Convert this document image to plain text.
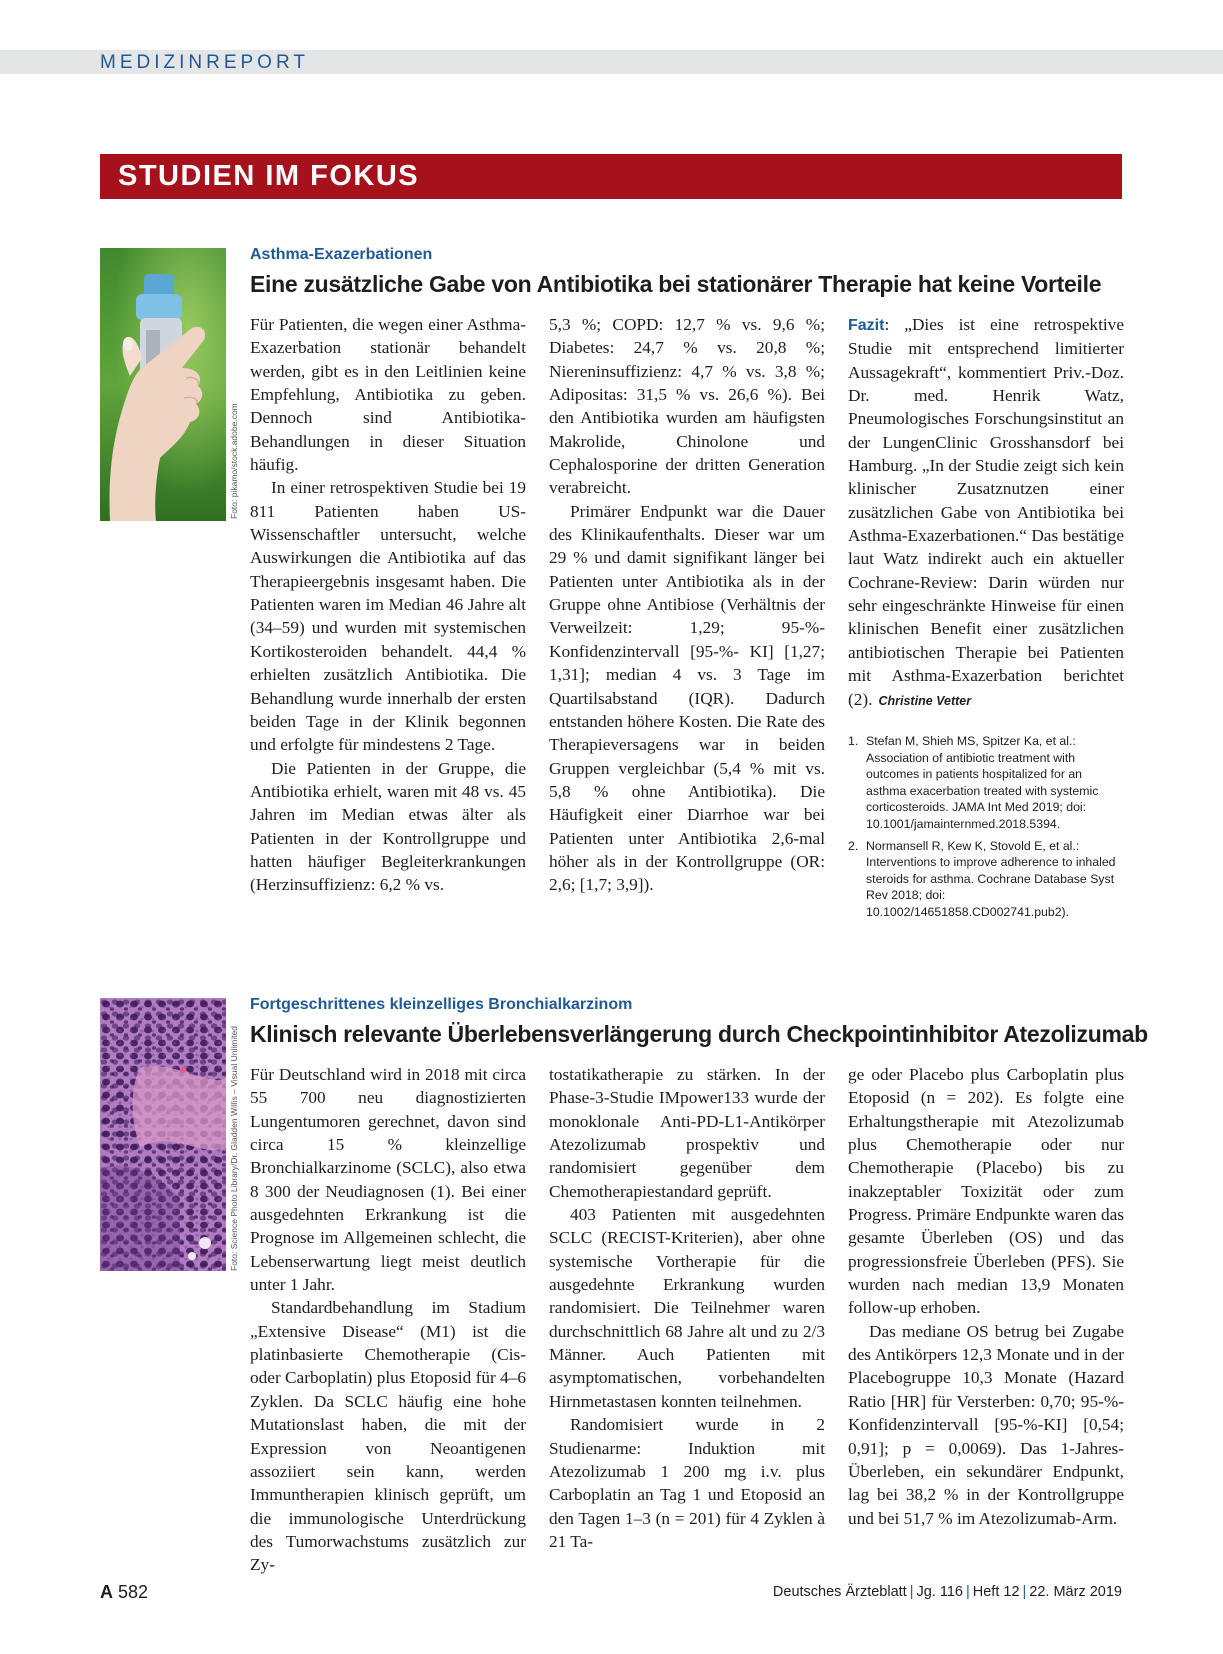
MEDIZINREPORT
STUDIEN IM FOKUS
Foto: pikamo/stock.adobe.com
Asthma-Exazerbationen
Eine zusätzliche Gabe von Antibiotika bei stationärer Therapie hat keine Vorteile

Für Patienten, die wegen einer Asthma-Exazerbation stationär behandelt werden, gibt es in den Leitlinien keine Empfehlung, Antibiotika zu geben. Dennoch sind Antibiotika-Behandlungen in dieser Situation häufig.

In einer retrospektiven Studie bei 19 811 Patienten haben US-Wissenschaftler untersucht, welche Auswirkungen die Antibiotika auf das Therapieergebnis insgesamt haben. Die Patienten waren im Median 46 Jahre alt (34–59) und wurden mit systemischen Kortikosteroiden behandelt. 44,4 % erhielten zusätzlich Antibiotika. Die Behandlung wurde innerhalb der ersten beiden Tage in der Klinik begonnen und erfolgte für mindestens 2 Tage.

Die Patienten in der Gruppe, die Antibiotika erhielt, waren mit 48 vs. 45 Jahren im Median etwas älter als Patienten in der Kontrollgruppe und hatten häufiger Begleiterkrankungen (Herzinsuffizienz: 6,2 % vs.

5,3 %; COPD: 12,7 % vs. 9,6 %; Diabetes: 24,7 % vs. 20,8 %; Niereninsuffizienz: 4,7 % vs. 3,8 %; Adipositas: 31,5 % vs. 26,6 %). Bei den Antibiotika wurden am häufigsten Makrolide, Chinolone und Cephalosporine der dritten Generation verabreicht.

Primärer Endpunkt war die Dauer des Klinikaufenthalts. Dieser war um 29 % und damit signifikant länger bei Patienten unter Antibiotika als in der Gruppe ohne Antibiose (Verhältnis der Verweilzeit: 1,29; 95-%-Konfidenzintervall [95-%- KI] [1,27; 1,31]; median 4 vs. 3 Tage im Quartilsabstand (IQR). Dadurch entstanden höhere Kosten. Die Rate des Therapieversagens war in beiden Gruppen vergleichbar (5,4 % mit vs. 5,8 % ohne Antibiotika). Die Häufigkeit einer Diarrhoe war bei Patienten unter Antibiotika 2,6-mal höher als in der Kontrollgruppe (OR: 2,6; [1,7; 3,9]).

Fazit: „Dies ist eine retrospektive Studie mit entsprechend limitierter Aussagekraft“, kommentiert Priv.-Doz. Dr. med. Henrik Watz, Pneumologisches Forschungsinstitut an der LungenClinic Grosshansdorf bei Hamburg. „In der Studie zeigt sich kein klinischer Zusatznutzen einer zusätzlichen Gabe von Antibiotika bei Asthma-Exazerbationen.“ Das bestätige laut Watz indirekt auch ein aktueller Cochrane-Review: Darin würden nur sehr eingeschränkte Hinweise für einen klinischen Benefit einer zusätzlichen antibiotischen Therapie bei Patienten mit Asthma-Exazerbation berichtet (2). Christine Vetter

1. Stefan M, Shieh MS, Spitzer Ka, et al.: Association of antibiotic treatment with outcomes in patients hospitalized for an asthma exacerbation treated with systemic corticosteroids. JAMA Int Med 2019; doi: 10.1001/jamainternmed.2018.5394.
2. Normansell R, Kew K, Stovold E, et al.: Interventions to improve adherence to inhaled steroids for asthma. Cochrane Database Syst Rev 2018; doi: 10.1002/14651858.CD002741.pub2).
Foto: Science Photo Library/Dr. Gladden Willis – Visual Unlimited
Fortgeschrittenes kleinzelliges Bronchialkarzinom
Klinisch relevante Überlebensverlängerung durch Checkpointinhibitor Atezolizumab

Für Deutschland wird in 2018 mit circa 55 700 neu diagnostizierten Lungentumoren gerechnet, davon sind circa 15 % kleinzellige Bronchialkarzinome (SCLC), also etwa 8 300 der Neudiagnosen (1). Bei einer ausgedehnten Erkrankung ist die Prognose im Allgemeinen schlecht, die Lebenserwartung liegt meist deutlich unter 1 Jahr.

Standardbehandlung im Stadium „Extensive Disease“ (M1) ist die platinbasierte Chemotherapie (Cis- oder Carboplatin) plus Etoposid für 4–6 Zyklen. Da SCLC häufig eine hohe Mutationslast haben, die mit der Expression von Neoantigenen assoziiert sein kann, werden Immuntherapien klinisch geprüft, um die immunologische Unterdrückung des Tumorwachstums zusätzlich zur Zy-

tostatikatherapie zu stärken. In der Phase-3-Studie IMpower133 wurde der monoklonale Anti-PD-L1-Antikörper Atezolizumab prospektiv und randomisiert gegenüber dem Chemotherapiestandard geprüft.

403 Patienten mit ausgedehnten SCLC (RECIST-Kriterien), aber ohne systemische Vortherapie für die ausgedehnte Erkrankung wurden randomisiert. Die Teilnehmer waren durchschnittlich 68 Jahre alt und zu 2/3 Männer. Auch Patienten mit asymptomatischen, vorbehandelten Hirnmetastasen konnten teilnehmen.

Randomisiert wurde in 2 Studienarme: Induktion mit Atezolizumab 1 200 mg i.v. plus Carboplatin an Tag 1 und Etoposid an den Tagen 1–3 (n = 201) für 4 Zyklen à 21 Ta-

ge oder Placebo plus Carboplatin plus Etoposid (n = 202). Es folgte eine Erhaltungstherapie mit Atezolizumab plus Chemotherapie oder nur Chemotherapie (Placebo) bis zu inakzeptabler Toxizität oder zum Progress. Primäre Endpunkte waren das gesamte Überleben (OS) und das progressionsfreie Überleben (PFS). Sie wurden nach median 13,9 Monaten follow-up erhoben.

Das mediane OS betrug bei Zugabe des Antikörpers 12,3 Monate und in der Placebogruppe 10,3 Monate (Hazard Ratio [HR] für Versterben: 0,70; 95-%-Konfidenzintervall [95-%-KI] [0,54; 0,91]; p = 0,0069). Das 1-Jahres-Überleben, ein sekundärer Endpunkt, lag bei 38,2 % in der Kontrollgruppe und bei 51,7 % im Atezolizumab-Arm.

A 582	Deutsches Ärzteblatt | Jg. 116 | Heft 12 | 22. März 2019
